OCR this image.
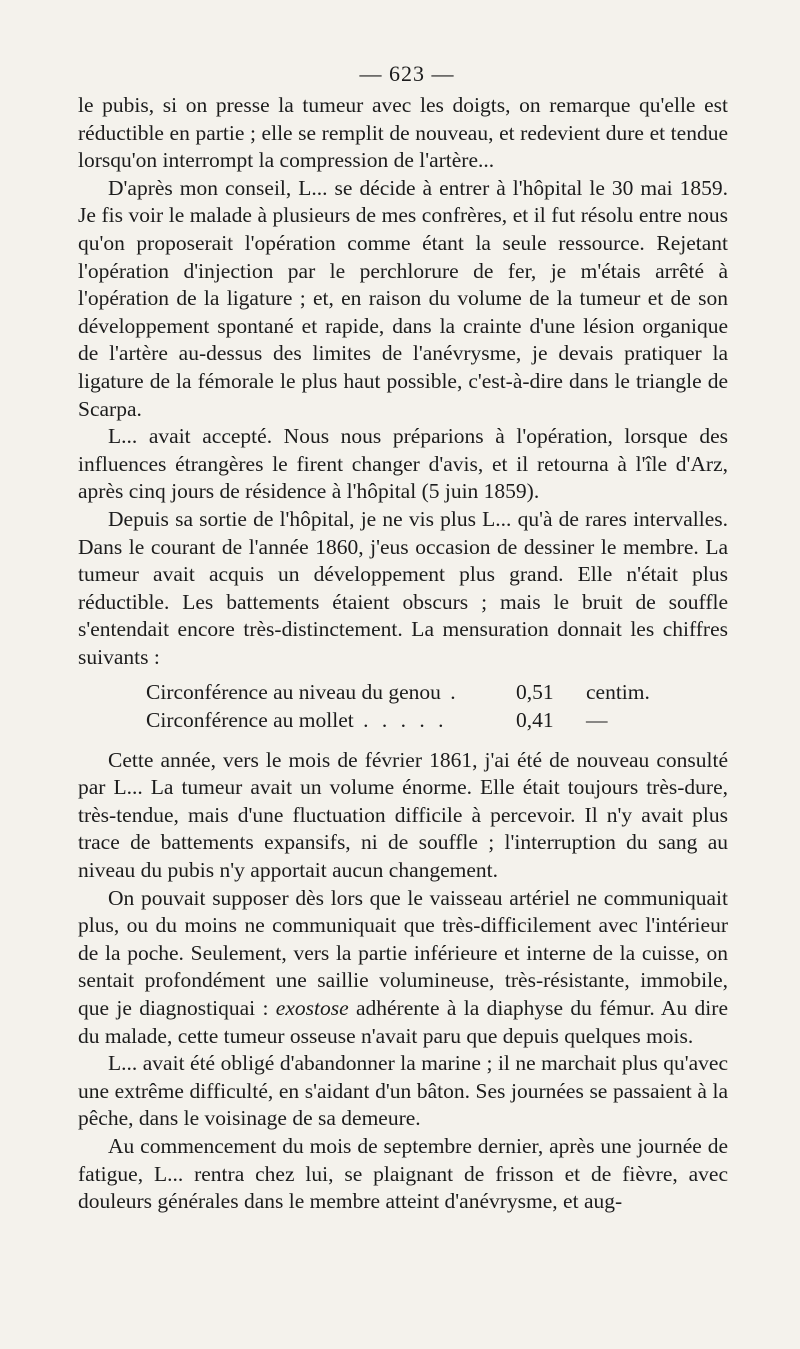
— 623 —

le pubis, si on presse la tumeur avec les doigts, on remarque qu'elle est réductible en partie ; elle se remplit de nouveau, et redevient dure et tendue lorsqu'on interrompt la compression de l'artère...

D'après mon conseil, L... se décide à entrer à l'hôpital le 30 mai 1859. Je fis voir le malade à plusieurs de mes confrères, et il fut résolu entre nous qu'on proposerait l'opération comme étant la seule ressource. Rejetant l'opération d'injection par le perchlorure de fer, je m'étais arrêté à l'opération de la ligature ; et, en raison du volume de la tumeur et de son développement spontané et rapide, dans la crainte d'une lésion organique de l'artère au-dessus des limites de l'anévrysme, je devais pratiquer la ligature de la fémorale le plus haut possible, c'est-à-dire dans le triangle de Scarpa.

L... avait accepté. Nous nous préparions à l'opération, lorsque des influences étrangères le firent changer d'avis, et il retourna à l'île d'Arz, après cinq jours de résidence à l'hôpital (5 juin 1859).

Depuis sa sortie de l'hôpital, je ne vis plus L... qu'à de rares intervalles. Dans le courant de l'année 1860, j'eus occasion de dessiner le membre. La tumeur avait acquis un développement plus grand. Elle n'était plus réductible. Les battements étaient obscurs ; mais le bruit de souffle s'entendait encore très-distinctement. La mensuration donnait les chiffres suivants :

Circonférence au niveau du genou .	0,51	centim.
Circonférence au mollet . . . . .	0,41	—

Cette année, vers le mois de février 1861, j'ai été de nouveau consulté par L... La tumeur avait un volume énorme. Elle était toujours très-dure, très-tendue, mais d'une fluctuation difficile à percevoir. Il n'y avait plus trace de battements expansifs, ni de souffle ; l'interruption du sang au niveau du pubis n'y apportait aucun changement.

On pouvait supposer dès lors que le vaisseau artériel ne communiquait plus, ou du moins ne communiquait que très-difficilement avec l'intérieur de la poche. Seulement, vers la partie inférieure et interne de la cuisse, on sentait profondément une saillie volumineuse, très-résistante, immobile, que je diagnostiquai : exostose adhérente à la diaphyse du fémur. Au dire du malade, cette tumeur osseuse n'avait paru que depuis quelques mois.

L... avait été obligé d'abandonner la marine ; il ne marchait plus qu'avec une extrême difficulté, en s'aidant d'un bâton. Ses journées se passaient à la pêche, dans le voisinage de sa demeure.

Au commencement du mois de septembre dernier, après une journée de fatigue, L... rentra chez lui, se plaignant de frisson et de fièvre, avec douleurs générales dans le membre atteint d'anévrysme, et aug-
